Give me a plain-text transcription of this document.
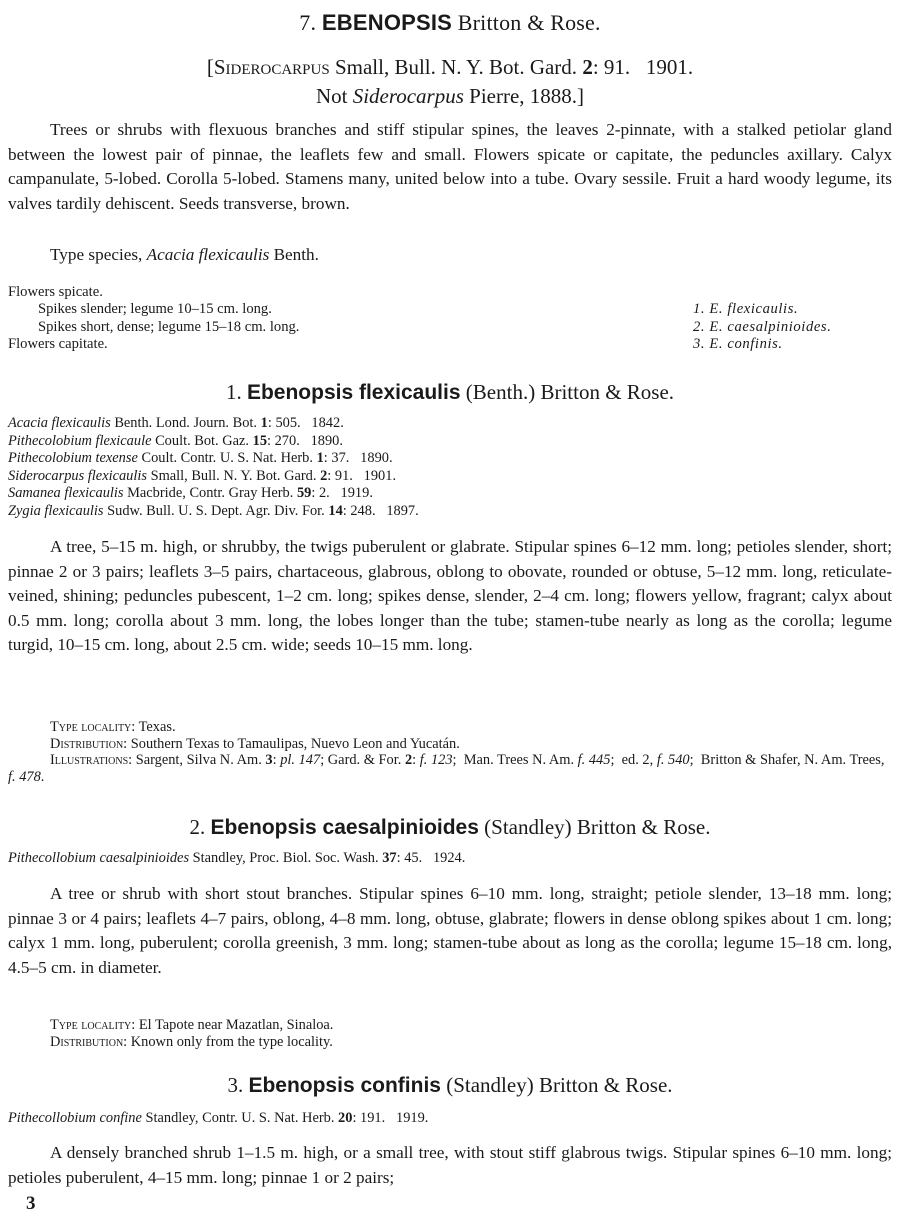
7. EBENOPSIS Britton & Rose.
[Siderocarpus Small, Bull. N. Y. Bot. Gard. 2: 91.   1901.
Not Siderocarpus Pierre, 1888.]
Trees or shrubs with flexuous branches and stiff stipular spines, the leaves 2-pinnate, with a stalked petiolar gland between the lowest pair of pinnae, the leaflets few and small. Flowers spicate or capitate, the peduncles axillary. Calyx campanulate, 5-lobed. Corolla 5-lobed. Stamens many, united below into a tube. Ovary sessile. Fruit a hard woody legume, its valves tardily dehiscent. Seeds transverse, brown.
Type species, Acacia flexicaulis Benth.
Flowers spicate.
Spikes slender; legume 10–15 cm. long.	1. E. flexicaulis.
Spikes short, dense; legume 15–18 cm. long.	2. E. caesalpinioides.
Flowers capitate.	3. E. confinis.
1. Ebenopsis flexicaulis (Benth.) Britton & Rose.
Acacia flexicaulis Benth. Lond. Journ. Bot. 1: 505.   1842.
Pithecolobium flexicaule Coult. Bot. Gaz. 15: 270.   1890.
Pithecolobium texense Coult. Contr. U. S. Nat. Herb. 1: 37.   1890.
Siderocarpus flexicaulis Small, Bull. N. Y. Bot. Gard. 2: 91.   1901.
Samanea flexicaulis Macbride, Contr. Gray Herb. 59: 2.   1919.
Zygia flexicaulis Sudw. Bull. U. S. Dept. Agr. Div. For. 14: 248.   1897.
A tree, 5–15 m. high, or shrubby, the twigs puberulent or glabrate. Stipular spines 6–12 mm. long; petioles slender, short; pinnae 2 or 3 pairs; leaflets 3–5 pairs, chartaceous, glabrous, oblong to obovate, rounded or obtuse, 5–12 mm. long, reticulate-veined, shining; peduncles pubescent, 1–2 cm. long; spikes dense, slender, 2–4 cm. long; flowers yellow, fragrant; calyx about 0.5 mm. long; corolla about 3 mm. long, the lobes longer than the tube; stamen-tube nearly as long as the corolla; legume turgid, 10–15 cm. long, about 2.5 cm. wide; seeds 10–15 mm. long.
Type locality: Texas.
Distribution: Southern Texas to Tamaulipas, Nuevo Leon and Yucatán.
Illustrations: Sargent, Silva N. Am. 3: pl. 147; Gard. & For. 2: f. 123;  Man. Trees N. Am. f. 445;  ed. 2, f. 540;  Britton & Shafer, N. Am. Trees, f. 478.
2. Ebenopsis caesalpinioides (Standley) Britton & Rose.
Pithecollobium caesalpinioides Standley, Proc. Biol. Soc. Wash. 37: 45.   1924.
A tree or shrub with short stout branches. Stipular spines 6–10 mm. long, straight; petiole slender, 13–18 mm. long; pinnae 3 or 4 pairs; leaflets 4–7 pairs, oblong, 4–8 mm. long, obtuse, glabrate; flowers in dense oblong spikes about 1 cm. long; calyx 1 mm. long, puberulent; corolla greenish, 3 mm. long; stamen-tube about as long as the corolla; legume 15–18 cm. long, 4.5–5 cm. in diameter.
Type locality: El Tapote near Mazatlan, Sinaloa.
Distribution: Known only from the type locality.
3. Ebenopsis confinis (Standley) Britton & Rose.
Pithecollobium confine Standley, Contr. U. S. Nat. Herb. 20: 191.   1919.
A densely branched shrub 1–1.5 m. high, or a small tree, with stout stiff glabrous twigs. Stipular spines 6–10 mm. long; petioles puberulent, 4–15 mm. long; pinnae 1 or 2 pairs;
3
